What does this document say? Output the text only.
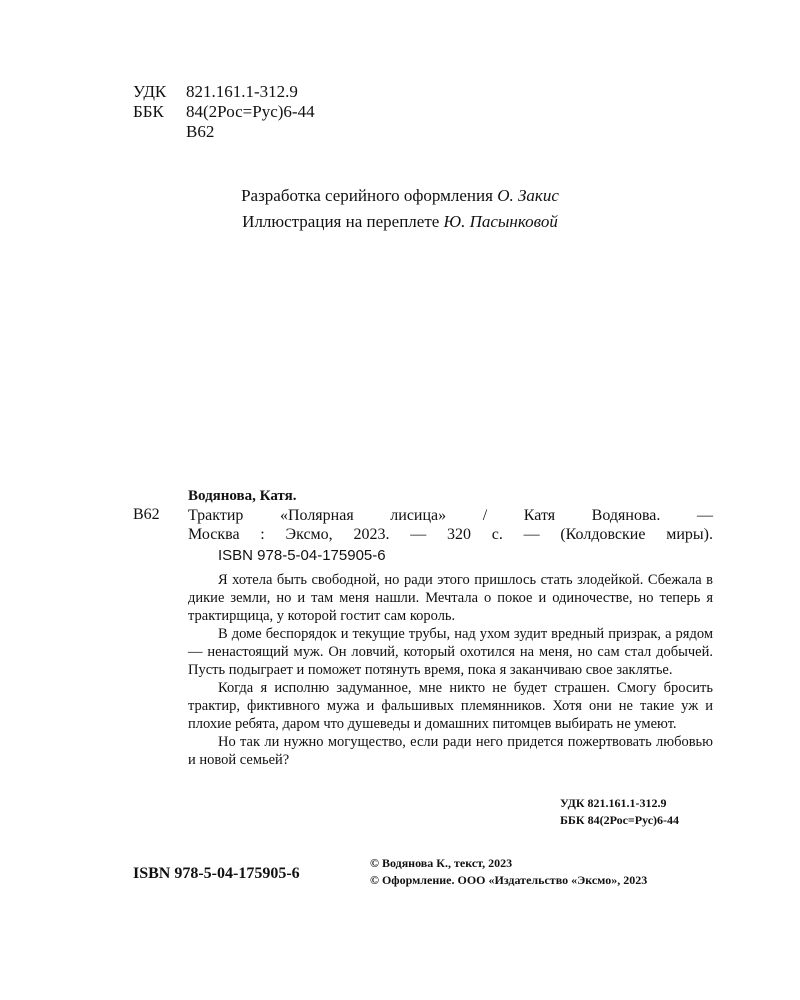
УДК	821.161.1-312.9
ББК	84(2Рос=Рус)6-44
В62
Разработка серийного оформления О. Закис
Иллюстрация на переплете Ю. Пасынковой
Водянова, Катя.
В62 Трактир «Полярная лисица» / Катя Водянова. —
Москва : Эксмо, 2023. — 320 с. — (Колдовские миры).
ISBN 978-5-04-175905-6

Я хотела быть свободной, но ради этого пришлось стать злодейкой. Сбежала в дикие земли, но и там меня нашли. Мечтала о покое и одиночестве, но теперь я трактирщица, у которой гостит сам король.

В доме беспорядок и текущие трубы, над ухом зудит вредный призрак, а рядом — ненастоящий муж. Он ловчий, который охотился на меня, но сам стал добычей. Пусть подыграет и поможет потянуть время, пока я заканчиваю свое заклятье.

Когда я исполню задуманное, мне никто не будет страшен. Смогу бросить трактир, фиктивного мужа и фальшивых племянников. Хотя они не такие уж и плохие ребята, даром что душеведы и домашних питомцев выбирать не умеют.

Но так ли нужно могущество, если ради него придется пожертвовать любовью и новой семьей?

УДК 821.161.1-312.9
ББК 84(2Рос=Рус)6-44
ISBN 978-5-04-175905-6
© Водянова К., текст, 2023
© Оформление. ООО «Издательство «Эксмо», 2023
